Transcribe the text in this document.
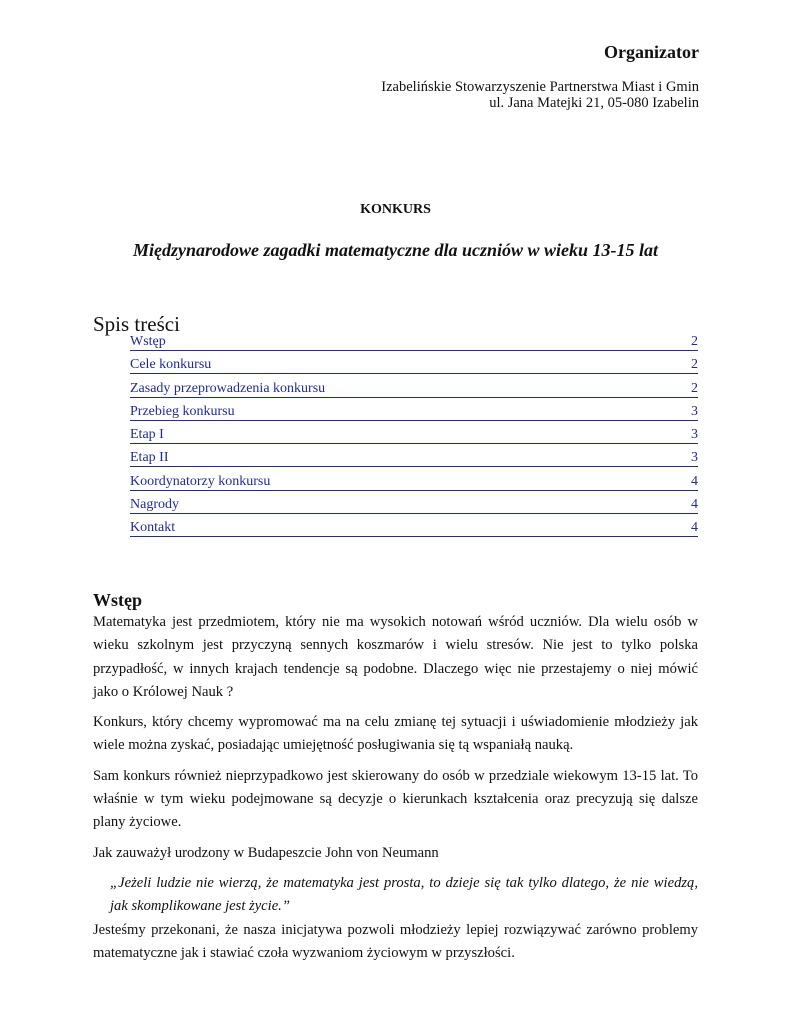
Organizator
Izabelińskie Stowarzyszenie Partnerstwa Miast i Gmin
ul. Jana Matejki 21, 05-080 Izabelin
KONKURS
Międzynarodowe zagadki matematyczne dla uczniów w wieku 13-15 lat
Spis treści
Wstęp	2
Cele konkursu	2
Zasady przeprowadzenia konkursu	2
Przebieg konkursu	3
Etap I	3
Etap II	3
Koordynatorzy konkursu	4
Nagrody	4
Kontakt	4
Wstęp

Matematyka jest przedmiotem, który nie ma wysokich notowań wśród uczniów. Dla wielu osób w wieku szkolnym jest przyczyną sennych koszmarów i wielu stresów. Nie jest to tylko polska przypadłość, w innych krajach tendencje są podobne. Dlaczego więc nie przestajemy o niej mówić jako o Królowej Nauk ?

Konkurs, który chcemy wypromować ma na celu zmianę tej sytuacji i uświadomienie młodzieży jak wiele można zyskać, posiadając umiejętność posługiwania się tą wspaniałą nauką.

Sam konkurs również nieprzypadkowo jest skierowany do osób w przedziale wiekowym 13-15 lat. To właśnie w tym wieku podejmowane są decyzje o kierunkach kształcenia oraz precyzują się dalsze plany życiowe.

Jak zauważył urodzony w Budapeszcie John von Neumann

„Jeżeli ludzie nie wierzą, że matematyka jest prosta, to dzieje się tak tylko dlatego, że nie wiedzą, jak skomplikowane jest życie.”

Jesteśmy przekonani, że nasza inicjatywa pozwoli młodzieży lepiej rozwiązywać zarówno problemy matematyczne jak i stawiać czoła wyzwaniom życiowym w przyszłości.
